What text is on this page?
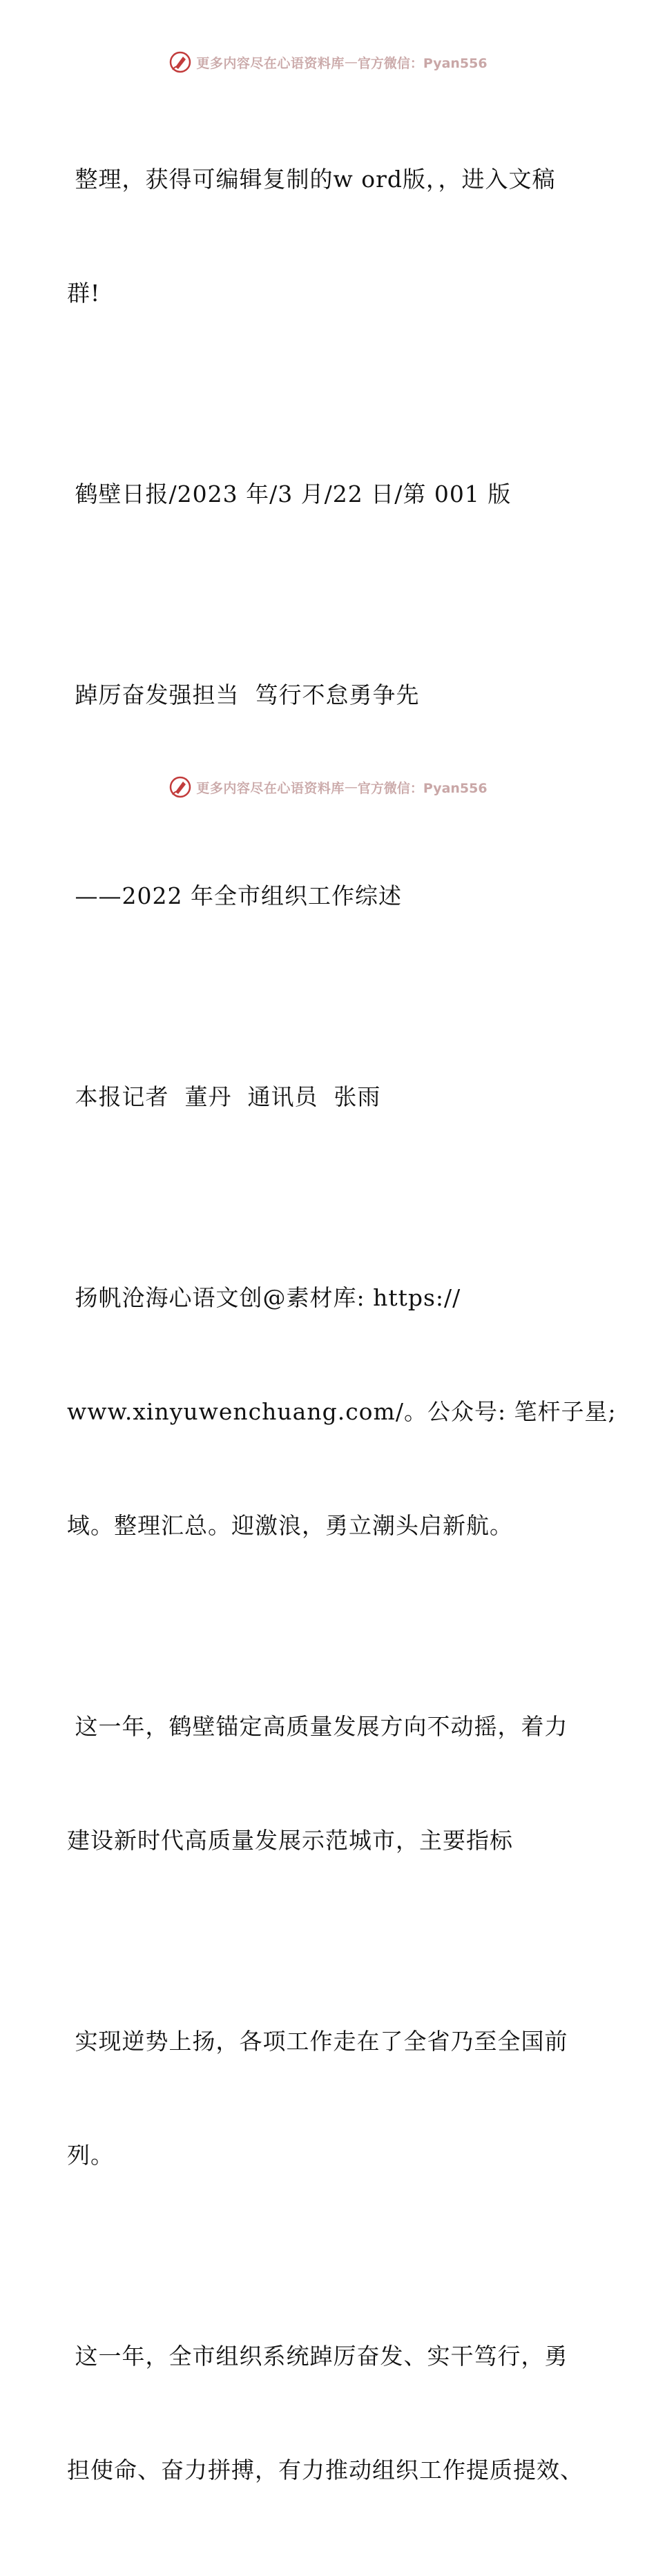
更多内容尽在心语资料库 — 官方微信：Pyan556

整理，获得可编辑复制的w ord版，，进入文稿

群!

鹤壁日报/2023 年/3 月/22 日/第 001 版

踔厉奋发强担当  笃行不怠勇争先

——2022 年全市组织工作综述

本报记者  董丹  通讯员  张雨

扬帆沧海心语文创@素材库: https://

www.xinyuwenchuang.com/。公众号: 笔杆子星;

域。整理汇总。迎激浪，勇立潮头启新航。

这一年，鹤壁锚定高质量发展方向不动摇，着力

建设新时代高质量发展示范城市，主要指标

实现逆势上扬，各项工作走在了全省乃至全国前

列。

这一年，全市组织系统踔厉奋发、实干笃行，勇

担使命、奋力拼搏，有力推动组织工作提质提效、

更多内容尽在心语资料库 — 官方微信：Pyan556
